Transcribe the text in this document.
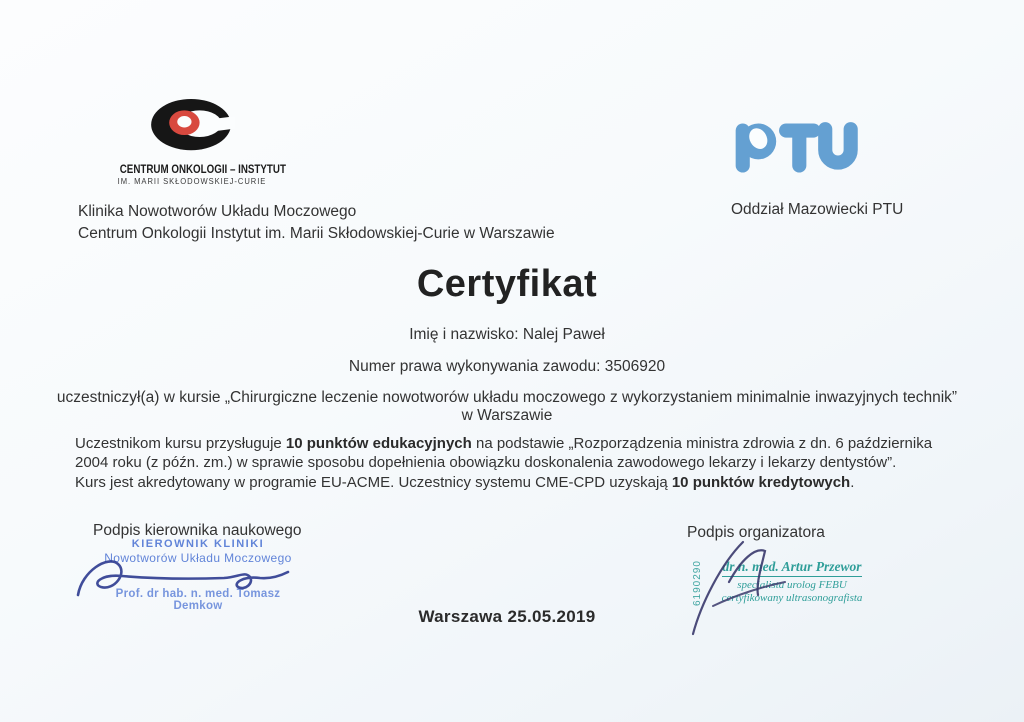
CENTRUM ONKOLOGII – INSTYTUT
IM. MARII SKŁODOWSKIEJ-CURIE
Klinika Nowotworów Układu Moczowego
Centrum Onkologii Instytut im. Marii Skłodowskiej-Curie w Warszawie
Oddział Mazowiecki PTU
Certyfikat
Imię i nazwisko: Nalej Paweł
Numer prawa wykonywania zawodu: 3506920
uczestniczył(a) w kursie „Chirurgiczne leczenie nowotworów układu moczowego z wykorzystaniem minimalnie inwazyjnych technik”
w Warszawie
Uczestnikom kursu przysługuje 10 punktów edukacyjnych na podstawie „Rozporządzenia ministra zdrowia z dn. 6 października 2004 roku (z późn. zm.) w sprawie sposobu dopełnienia obowiązku doskonalenia zawodowego lekarzy i lekarzy dentystów”.
Kurs jest akredytowany w programie EU-ACME. Uczestnicy systemu CME-CPD uzyskają 10 punktów kredytowych.
Podpis kierownika naukowego
KIEROWNIK KLINIKI
Nowotworów Układu Moczowego
Prof. dr hab. n. med. Tomasz Demkow
Podpis organizatora
6190290	dr n. med. Artur Przewor
specjalista urolog FEBU
certyfikowany ultrasonografista
Warszawa 25.05.2019
